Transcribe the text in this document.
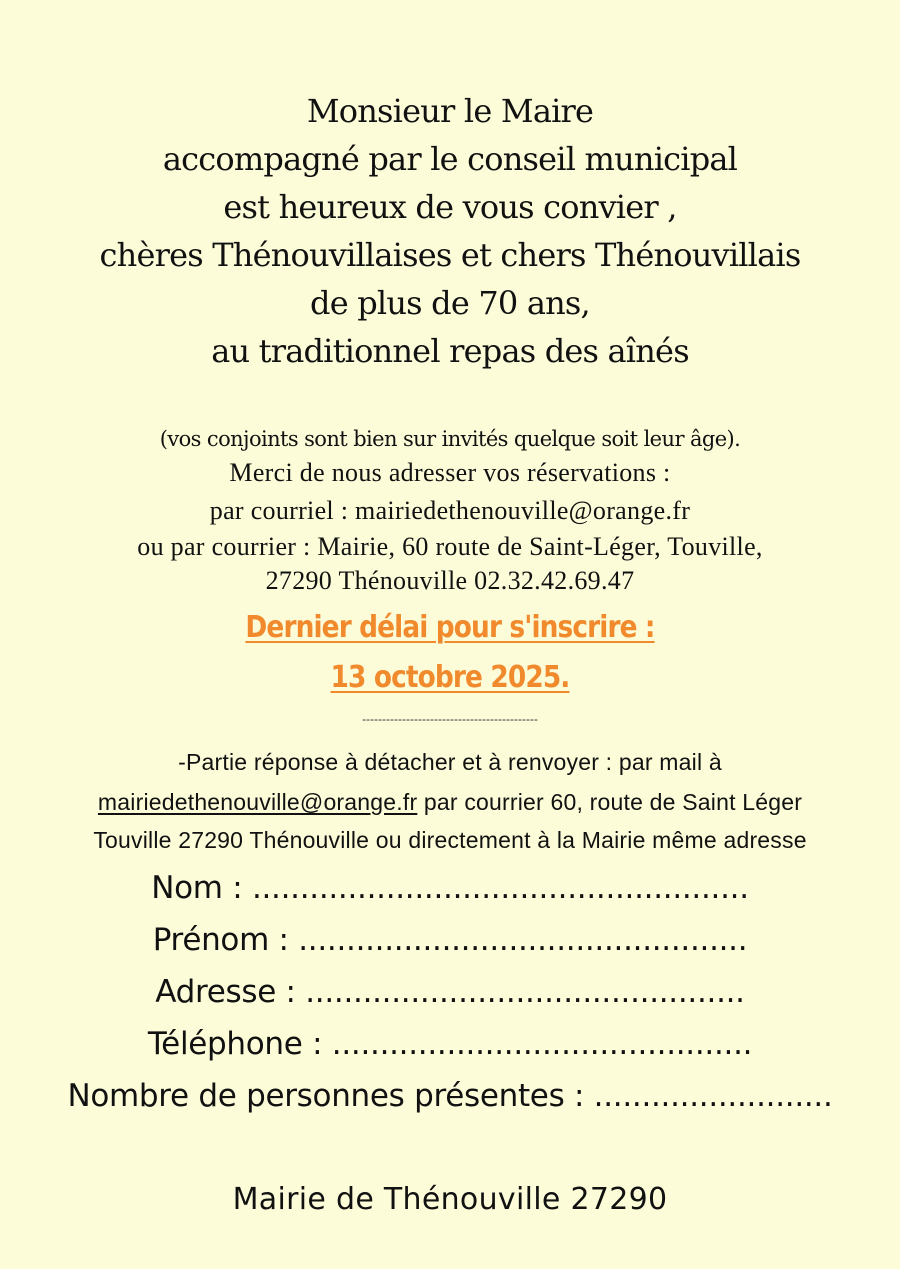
Monsieur le Maire

accompagné par le conseil municipal

est heureux de vous convier ,

chères Thénouvillaises et chers Thénouvillais

de plus de 70 ans,

au traditionnel repas des aînés

(vos conjoints sont bien sur invités quelque soit leur âge).

Merci de nous adresser vos réservations :

par courriel : mairiedethenouville@orange.fr

ou par courrier : Mairie, 60 route de Saint-Léger, Touville,

27290 Thénouville 02.32.42.69.47

Dernier délai pour s'inscrire :

13 octobre 2025.

--------------------------------------------

-Partie réponse à détacher et à renvoyer : par mail à

mairiedethenouville@orange.fr par courrier 60, route de Saint Léger

Touville 27290 Thénouville ou directement à la Mairie même adresse

Nom : ....................................................

Prénom : ...............................................

Adresse : ..............................................

Téléphone : ............................................

Nombre de personnes présentes : .........................

Mairie de Thénouville 27290
